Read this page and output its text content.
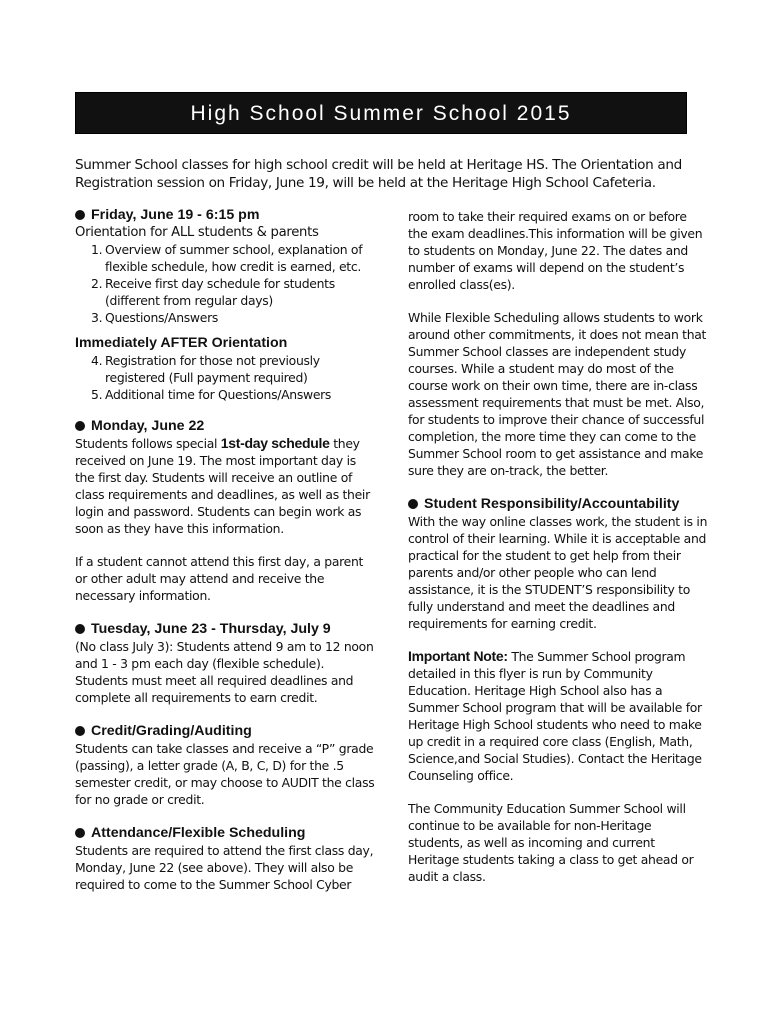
High School Summer School 2015

Summer School classes for high school credit will be held at Heritage HS. The Orientation and Registration session on Friday, June 19, will be held at the Heritage High School Cafeteria.

Friday, June 19 - 6:15 pm
Orientation for ALL students & parents
1. Overview of summer school, explanation of flexible schedule, how credit is earned, etc.
2. Receive first day schedule for students (different from regular days)
3. Questions/Answers
Immediately AFTER Orientation
4. Registration for those not previously registered (Full payment required)
5. Additional time for Questions/Answers
Monday, June 22

Students follows special 1st-day schedule they received on June 19. The most important day is the first day. Students will receive an outline of class requirements and deadlines, as well as their login and password. Students can begin work as soon as they have this information.

If a student cannot attend this first day, a parent or other adult may attend and receive the necessary information.

Tuesday, June 23 - Thursday, July 9

(No class July 3): Students attend 9 am to 12 noon and 1 - 3 pm each day (flexible schedule). Students must meet all required deadlines and complete all requirements to earn credit.

Credit/Grading/Auditing

Students can take classes and receive a “P” grade (passing), a letter grade (A, B, C, D) for the .5 semester credit, or may choose to AUDIT the class for no grade or credit.

Attendance/Flexible Scheduling

Students are required to attend the first class day, Monday, June 22 (see above). They will also be required to come to the Summer School Cyber

room to take their required exams on or before the exam deadlines.This information will be given to students on Monday, June 22. The dates and number of exams will depend on the student’s enrolled class(es).

While Flexible Scheduling allows students to work around other commitments, it does not mean that Summer School classes are independent study courses. While a student may do most of the course work on their own time, there are in-class assessment requirements that must be met. Also, for students to improve their chance of successful completion, the more time they can come to the Summer School room to get assistance and make sure they are on-track, the better.

Student Responsibility/Accountability

With the way online classes work, the student is in control of their learning. While it is acceptable and practical for the student to get help from their parents and/or other people who can lend assistance, it is the STUDENT’S responsibility to fully understand and meet the deadlines and requirements for earning credit.

Important Note: The Summer School program detailed in this flyer is run by Community Education. Heritage High School also has a Summer School program that will be available for Heritage High School students who need to make up credit in a required core class (English, Math, Science,and Social Studies). Contact the Heritage Counseling office.

The Community Education Summer School will continue to be available for non-Heritage students, as well as incoming and current Heritage students taking a class to get ahead or audit a class.
